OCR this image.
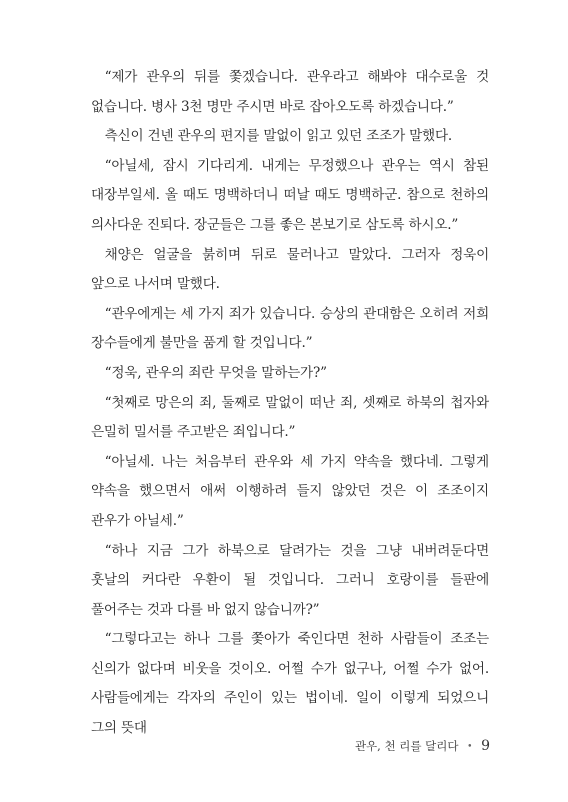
“제가 관우의 뒤를 쫓겠습니다. 관우라고 해봐야 대수로울 것 없습니다. 병사 3천 명만 주시면 바로 잡아오도록 하겠습니다.”

측신이 건넨 관우의 편지를 말없이 읽고 있던 조조가 말했다.

“아닐세, 잠시 기다리게. 내게는 무정했으나 관우는 역시 참된 대장부일세. 올 때도 명백하더니 떠날 때도 명백하군. 참으로 천하의 의사다운 진퇴다. 장군들은 그를 좋은 본보기로 삼도록 하시오.”

채양은 얼굴을 붉히며 뒤로 물러나고 말았다. 그러자 정욱이 앞으로 나서며 말했다.

“관우에게는 세 가지 죄가 있습니다. 승상의 관대함은 오히려 저희 장수들에게 불만을 품게 할 것입니다.”

“정욱, 관우의 죄란 무엇을 말하는가?”

“첫째로 망은의 죄, 둘째로 말없이 떠난 죄, 셋째로 하북의 첩자와 은밀히 밀서를 주고받은 죄입니다.”

“아닐세. 나는 처음부터 관우와 세 가지 약속을 했다네. 그렇게 약속을 했으면서 애써 이행하려 들지 않았던 것은 이 조조이지 관우가 아닐세.”

“하나 지금 그가 하북으로 달려가는 것을 그냥 내버려둔다면 훗날의 커다란 우환이 될 것입니다. 그러니 호랑이를 들판에 풀어주는 것과 다를 바 없지 않습니까?”

“그렇다고는 하나 그를 쫓아가 죽인다면 천하 사람들이 조조는 신의가 없다며 비웃을 것이오. 어쩔 수가 없구나, 어쩔 수가 없어. 사람들에게는 각자의 주인이 있는 법이네. 일이 이렇게 되었으니 그의 뜻대

관우, 천 리를 달리다 • 9
